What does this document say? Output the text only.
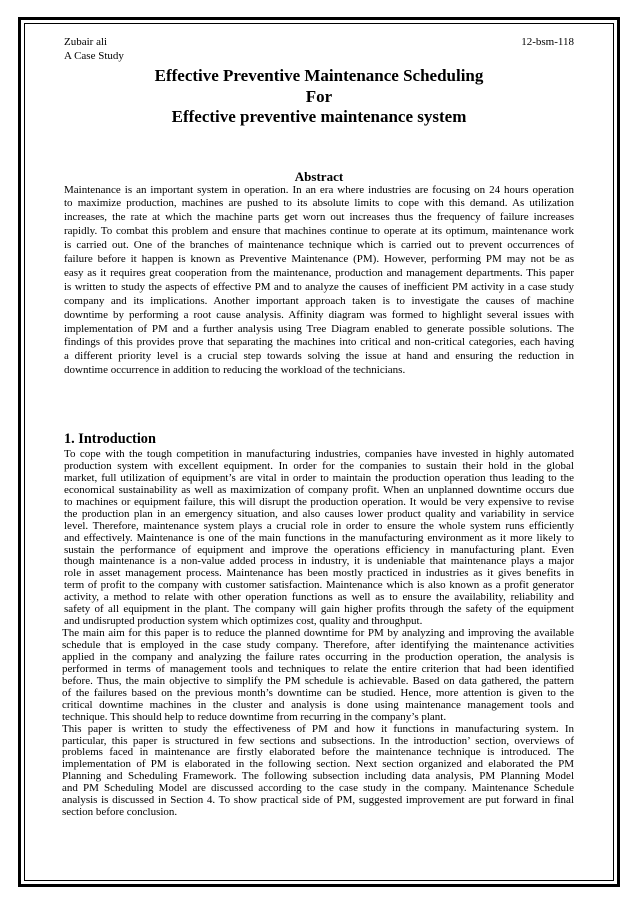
Zubair ali	12-bsm-118
A Case Study
Effective Preventive Maintenance Scheduling
For
Effective preventive maintenance system
Abstract
Maintenance is an important system in operation. In an era where industries are focusing on 24 hours operation
to maximize production, machines are pushed to its absolute limits to cope with this demand. As utilization
increases, the rate at which the machine parts get worn out increases thus the frequency of failure increases
rapidly. To combat this problem and ensure that machines continue to operate at its optimum, maintenance work
is carried out. One of the branches of maintenance technique which is carried out to prevent occurrences of
failure before it happen is known as Preventive Maintenance (PM). However, performing PM may not be as
easy as it requires great cooperation from the maintenance, production and management departments. This paper
is written to study the aspects of effective PM and to analyze the causes of inefficient PM activity in a case study
company and its implications. Another important approach taken is to investigate the causes of machine
downtime by performing a root cause analysis. Affinity diagram was formed to highlight several issues with
implementation of PM and a further analysis using Tree Diagram enabled to generate possible solutions. The
findings of this provides prove that separating the machines into critical and non-critical categories, each having
a different priority level is a crucial step towards solving the issue at hand and ensuring the reduction in
downtime occurrence in addition to reducing the workload of the technicians.
1. Introduction
To cope with the tough competition in manufacturing industries, companies have invested in highly automated
production system with excellent equipment. In order for the companies to sustain their hold in the global
market, full utilization of equipment’s are vital in order to maintain the production operation thus leading to the
economical sustainability as well as maximization of company profit. When an unplanned downtime occurs due
to machines or equipment failure, this will disrupt the production operation. It would be very expensive to revise
the production plan in an emergency situation, and also causes lower product quality and variability in service
level. Therefore, maintenance system plays a crucial role in order to ensure the whole system runs efficiently
and effectively. Maintenance is one of the main functions in the manufacturing environment as it more likely to
sustain the performance of equipment and improve the operations efficiency in manufacturing plant. Even
though maintenance is a non-value added process in industry, it is undeniable that maintenance plays a major
role in asset management process. Maintenance has been mostly practiced in industries as it gives benefits in
term of profit to the company with customer satisfaction. Maintenance which is also known as a profit generator
activity, a method to relate with other operation functions as well as to ensure the availability, reliability and
safety of all equipment in the plant. The company will gain higher profits through the safety of the equipment
and undisrupted production system which optimizes cost, quality and throughput.
The main aim for this paper is to reduce the planned downtime for PM by analyzing and improving the available
schedule that is employed in the case study company. Therefore, after identifying the maintenance activities
applied in the company and analyzing the failure rates occurring in the production operation, the analysis is
performed in terms of management tools and techniques to relate the entire criterion that had been identified
before. Thus, the main objective to simplify the PM schedule is achievable. Based on data gathered, the pattern
of the failures based on the previous month’s downtime can be studied. Hence, more attention is given to the
critical downtime machines in the cluster and analysis is done using maintenance management tools and
technique. This should help to reduce downtime from recurring in the company’s plant.
This paper is written to study the effectiveness of PM and how it functions in manufacturing system. In
particular, this paper is structured in few sections and subsections. In the introduction’ section, overviews of
problems faced in maintenance are firstly elaborated before the maintenance technique is introduced. The
implementation of PM is elaborated in the following section. Next section organized and elaborated the PM
Planning and Scheduling Framework. The following subsection including data analysis, PM Planning Model
and PM Scheduling Model are discussed according to the case study in the company. Maintenance Schedule
analysis is discussed in Section 4. To show practical side of PM, suggested improvement are put forward in final
section before conclusion.
